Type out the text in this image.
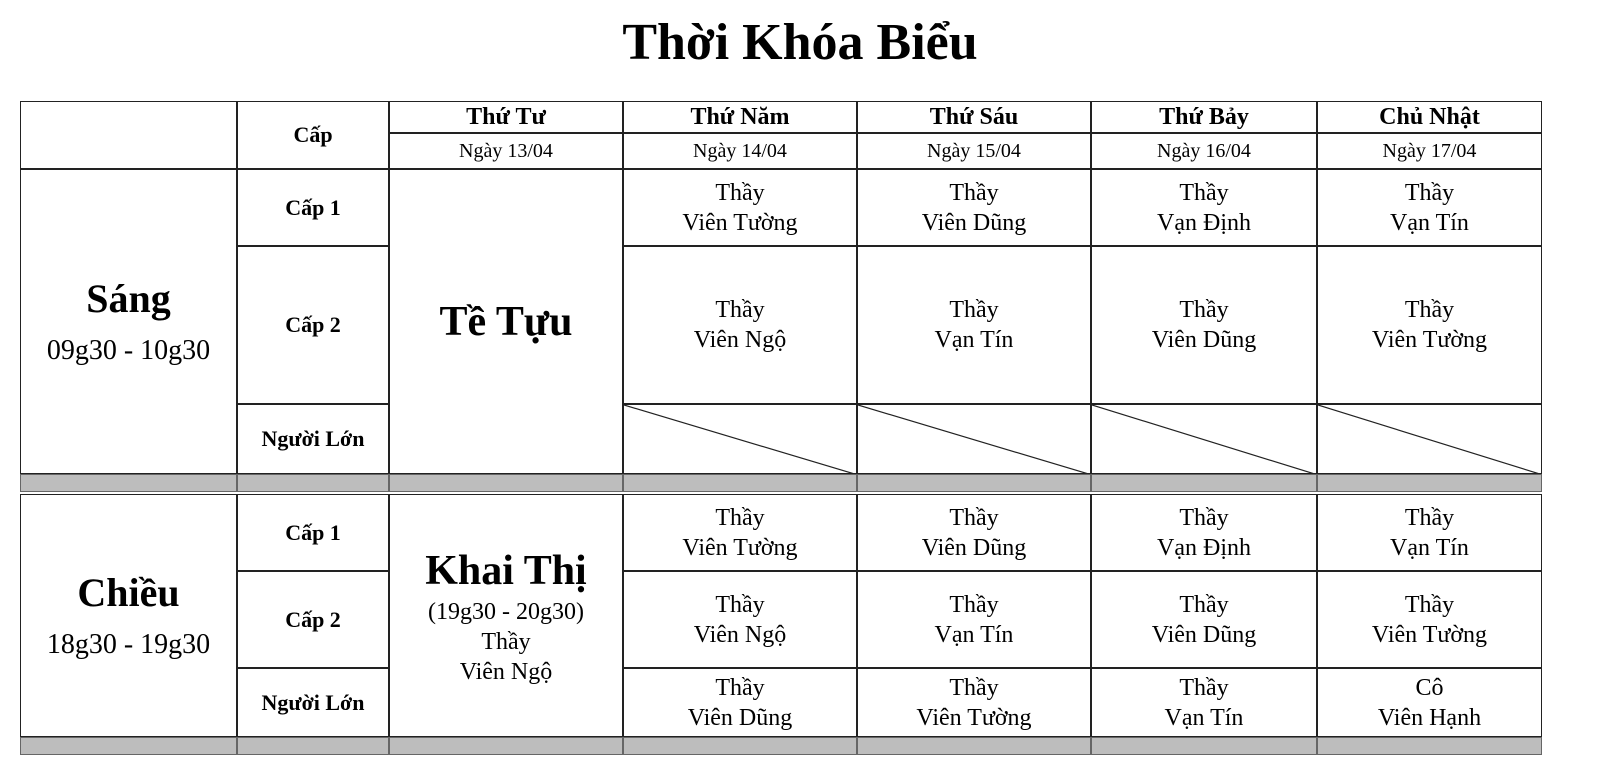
Thời Khóa Biểu
Cấp
Thứ Tư
Ngày 13/04
Thứ Năm
Ngày 14/04
Thứ Sáu
Ngày 15/04
Thứ Bảy
Ngày 16/04
Chủ Nhật
Ngày 17/04
Sáng
09g30 - 10g30
Cấp 1
Cấp 2
Người Lớn
Tề Tựu
Thầy
Viên Tường
Thầy
Viên Dũng
Thầy
Vạn Định
Thầy
Vạn Tín
Thầy
Viên Ngộ
Thầy
Vạn Tín
Thầy
Viên Dũng
Thầy
Viên Tường
Chiều
18g30 - 19g30
Cấp 1
Cấp 2
Người Lớn
Khai Thị
(19g30 - 20g30)
Thầy
Viên Ngộ
Thầy
Viên Tường
Thầy
Viên Dũng
Thầy
Vạn Định
Thầy
Vạn Tín
Thầy
Viên Ngộ
Thầy
Vạn Tín
Thầy
Viên Dũng
Thầy
Viên Tường
Thầy
Viên Dũng
Thầy
Viên Tường
Thầy
Vạn Tín
Cô
Viên Hạnh
